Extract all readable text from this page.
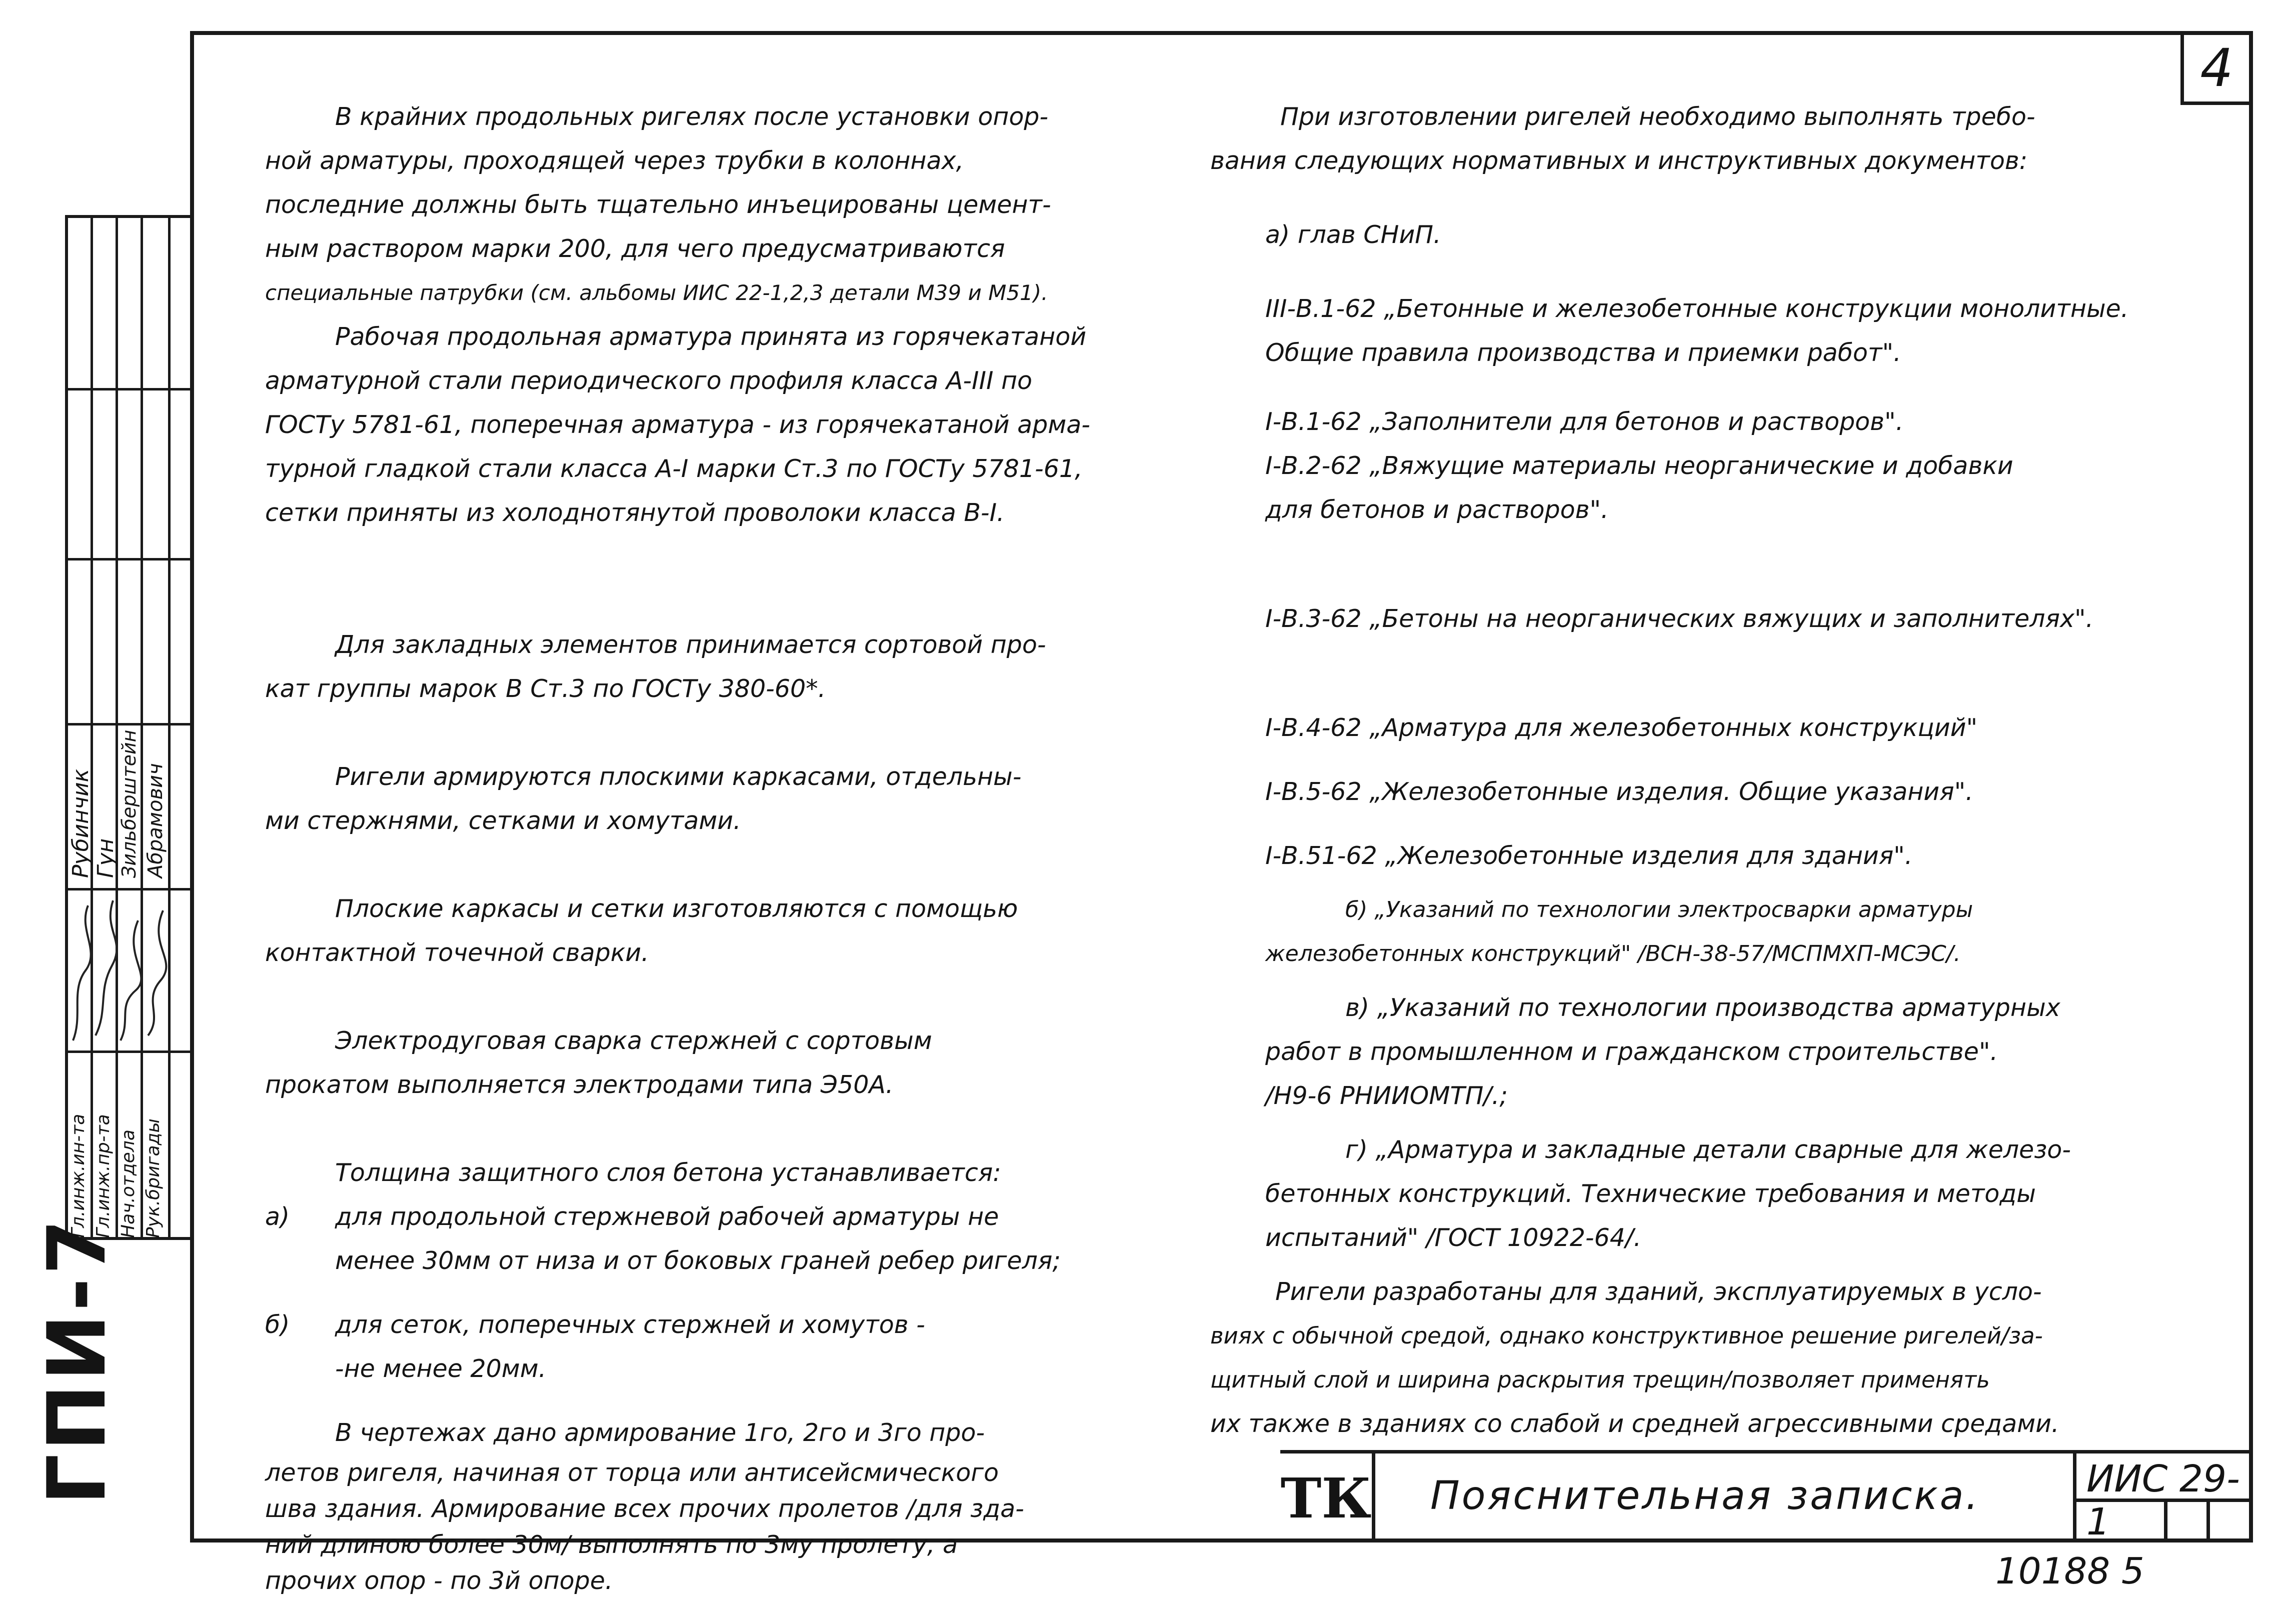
4

В крайних продольных ригелях после установки опор-

ной арматуры, проходящей через трубки в колоннах,

последние должны быть тщательно инъецированы цемент-

ным раствором марки 200, для чего предусматриваются

специальные патрубки (см. альбомы ИИС 22-1,2,3 детали М39 и М51).

Рабочая продольная арматура принята из горячекатаной

арматурной стали периодического профиля класса А-III по

ГОСТу 5781-61, поперечная арматура - из горячекатаной арма-

турной гладкой стали класса А-I марки Ст.3 по ГОСТу 5781-61,

сетки приняты из холоднотянутой проволоки класса В-I.

Для закладных элементов принимается сортовой про-

кат группы марок В Ст.3 по ГОСТу 380-60*.

Ригели армируются плоскими каркасами, отдельны-

ми стержнями, сетками и хомутами.

Плоские каркасы и сетки изготовляются с помощью

контактной точечной сварки.

Электродуговая сварка стержней с сортовым

прокатом выполняется электродами типа Э50А.

Толщина защитного слоя бетона устанавливается:

а)	для продольной стержневой рабочей арматуры не

менее 30мм от низа и от боковых граней ребер ригеля;

б)	для сеток, поперечных стержней и хомутов -

-не менее 20мм.

В чертежах дано армирование 1го, 2го и 3го про-

летов ригеля, начиная от торца или антисейсмического

шва здания. Армирование всех прочих пролетов /для зда-

ний длиною более 30м/ выполнять по 3му пролету, а

прочих опор - по 3й опоре.

При изготовлении ригелей необходимо выполнять требо-

вания следующих нормативных и инструктивных документов:

а) глав СНиП.

III-В.1-62 „Бетонные и железобетонные конструкции монолитные.

Общие правила производства и приемки работ".

I-В.1-62 „Заполнители для бетонов и растворов".

I-В.2-62 „Вяжущие материалы неорганические и добавки

для бетонов и растворов".

I-В.3-62 „Бетоны на неорганических вяжущих и заполнителях".

I-В.4-62 „Арматура для железобетонных конструкций"

I-В.5-62 „Железобетонные изделия. Общие указания".

I-В.51-62 „Железобетонные изделия для здания".

б) „Указаний по технологии электросварки арматуры

железобетонных конструкций" /ВСН-38-57/МСПМХП-МСЭС/.

в) „Указаний по технологии производства арматурных

работ в промышленном и гражданском строительстве".

/Н9-6 РНИИОМТП/.;

г) „Арматура и закладные детали сварные для железо-

бетонных конструкций. Технические требования и методы

испытаний" /ГОСТ 10922-64/.

Ригели разработаны для зданий, эксплуатируемых в усло-

виях с обычной средой, однако конструктивное решение ригелей/за-

щитный слой и ширина раскрытия трещин/позволяет применять

их также в зданиях со слабой и средней агрессивными средами.

ТК Пояснительная записка.	ИИС 29-1
Гл.инж.ин-та Гл.инж.пр-та Нач.отдела Рук.бригады
Рубинчик Гун Зильберштейн Абрамович
ГПИ-7
10188 5
